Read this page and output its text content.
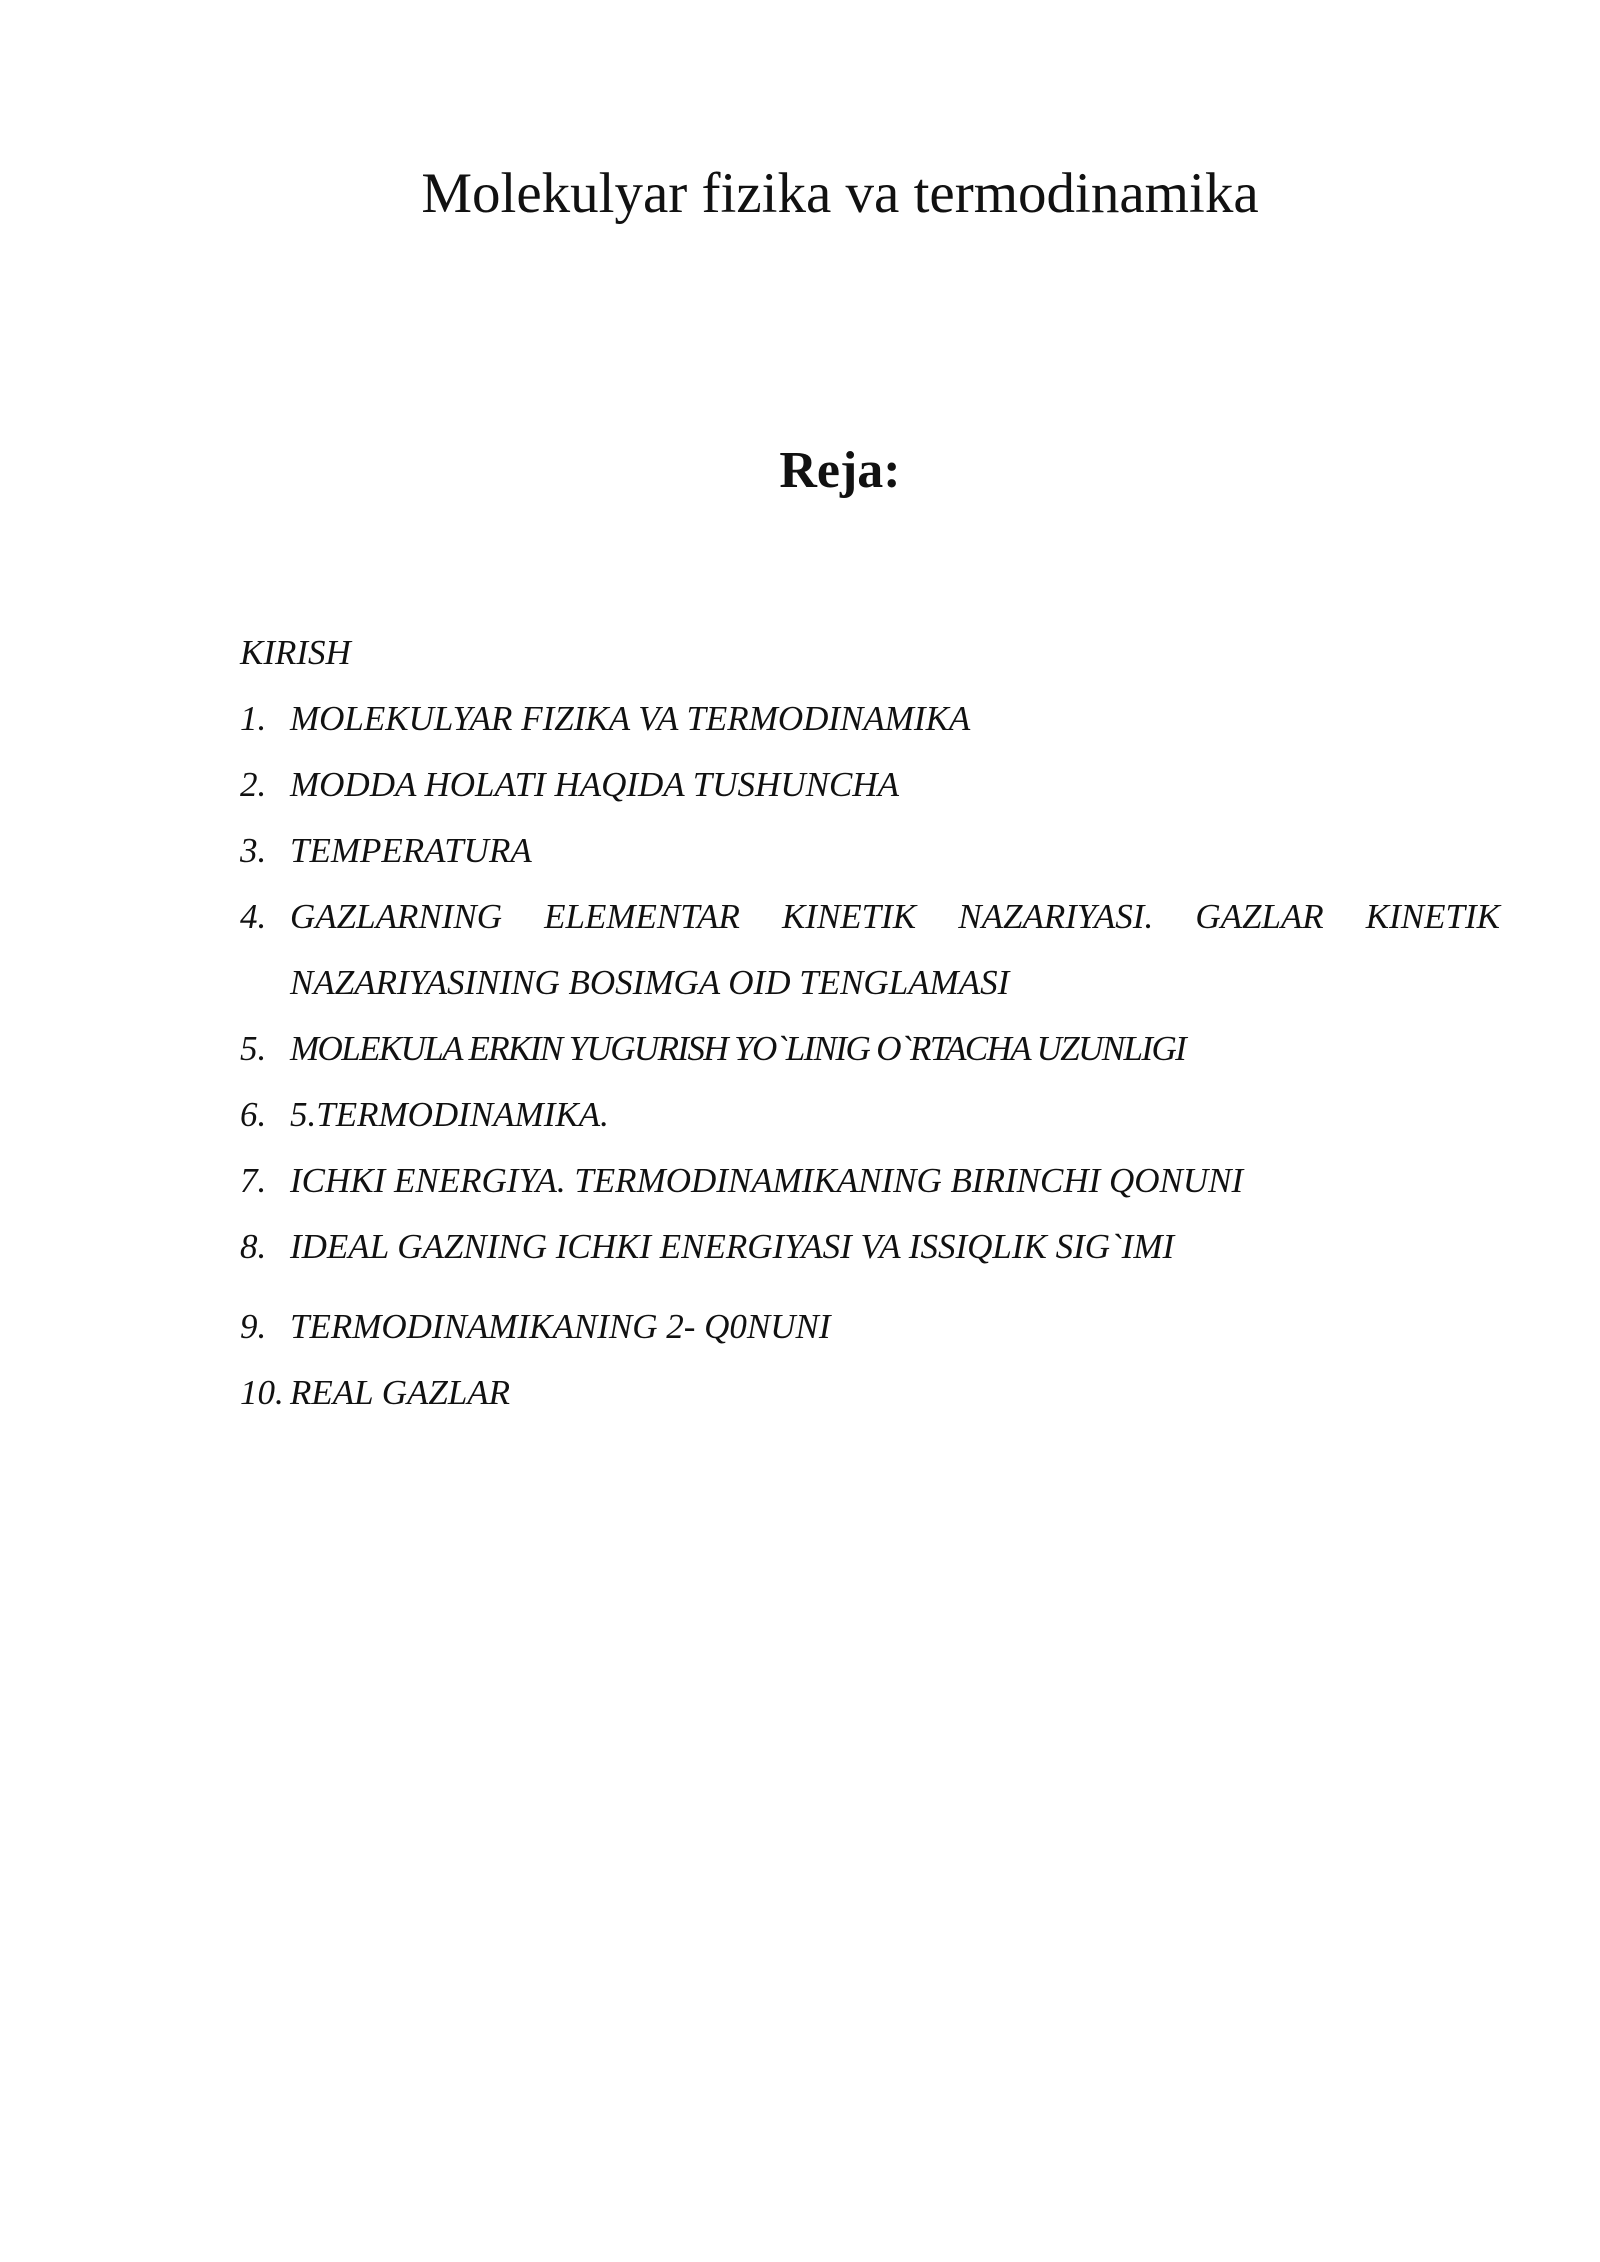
Molekulyar fizika va termodinamika
Reja:
KIRISH
1. MOLEKULYAR FIZIKA VA TERMODINAMIKA
2. MODDA HOLATI HAQIDA TUSHUNCHA
3. TEMPERATURA
4. GAZLARNING ELEMENTAR KINETIK NAZARIYASI. GAZLAR KINETIK NAZARIYASINING BOSIMGA OID TENGLAMASI
5. MOLEKULA ERKIN YUGURISH YO`LINIG O`RTACHA UZUNLIGI
6. 5.TERMODINAMIKA.
7. ICHKI ENERGIYA. TERMODINAMIKANING BIRINCHI QONUNI
8. IDEAL GAZNING ICHKI ENERGIYASI VA ISSIQLIK SIG`IMI
9. TERMODINAMIKANING 2- Q0NUNI
10. REAL GAZLAR
